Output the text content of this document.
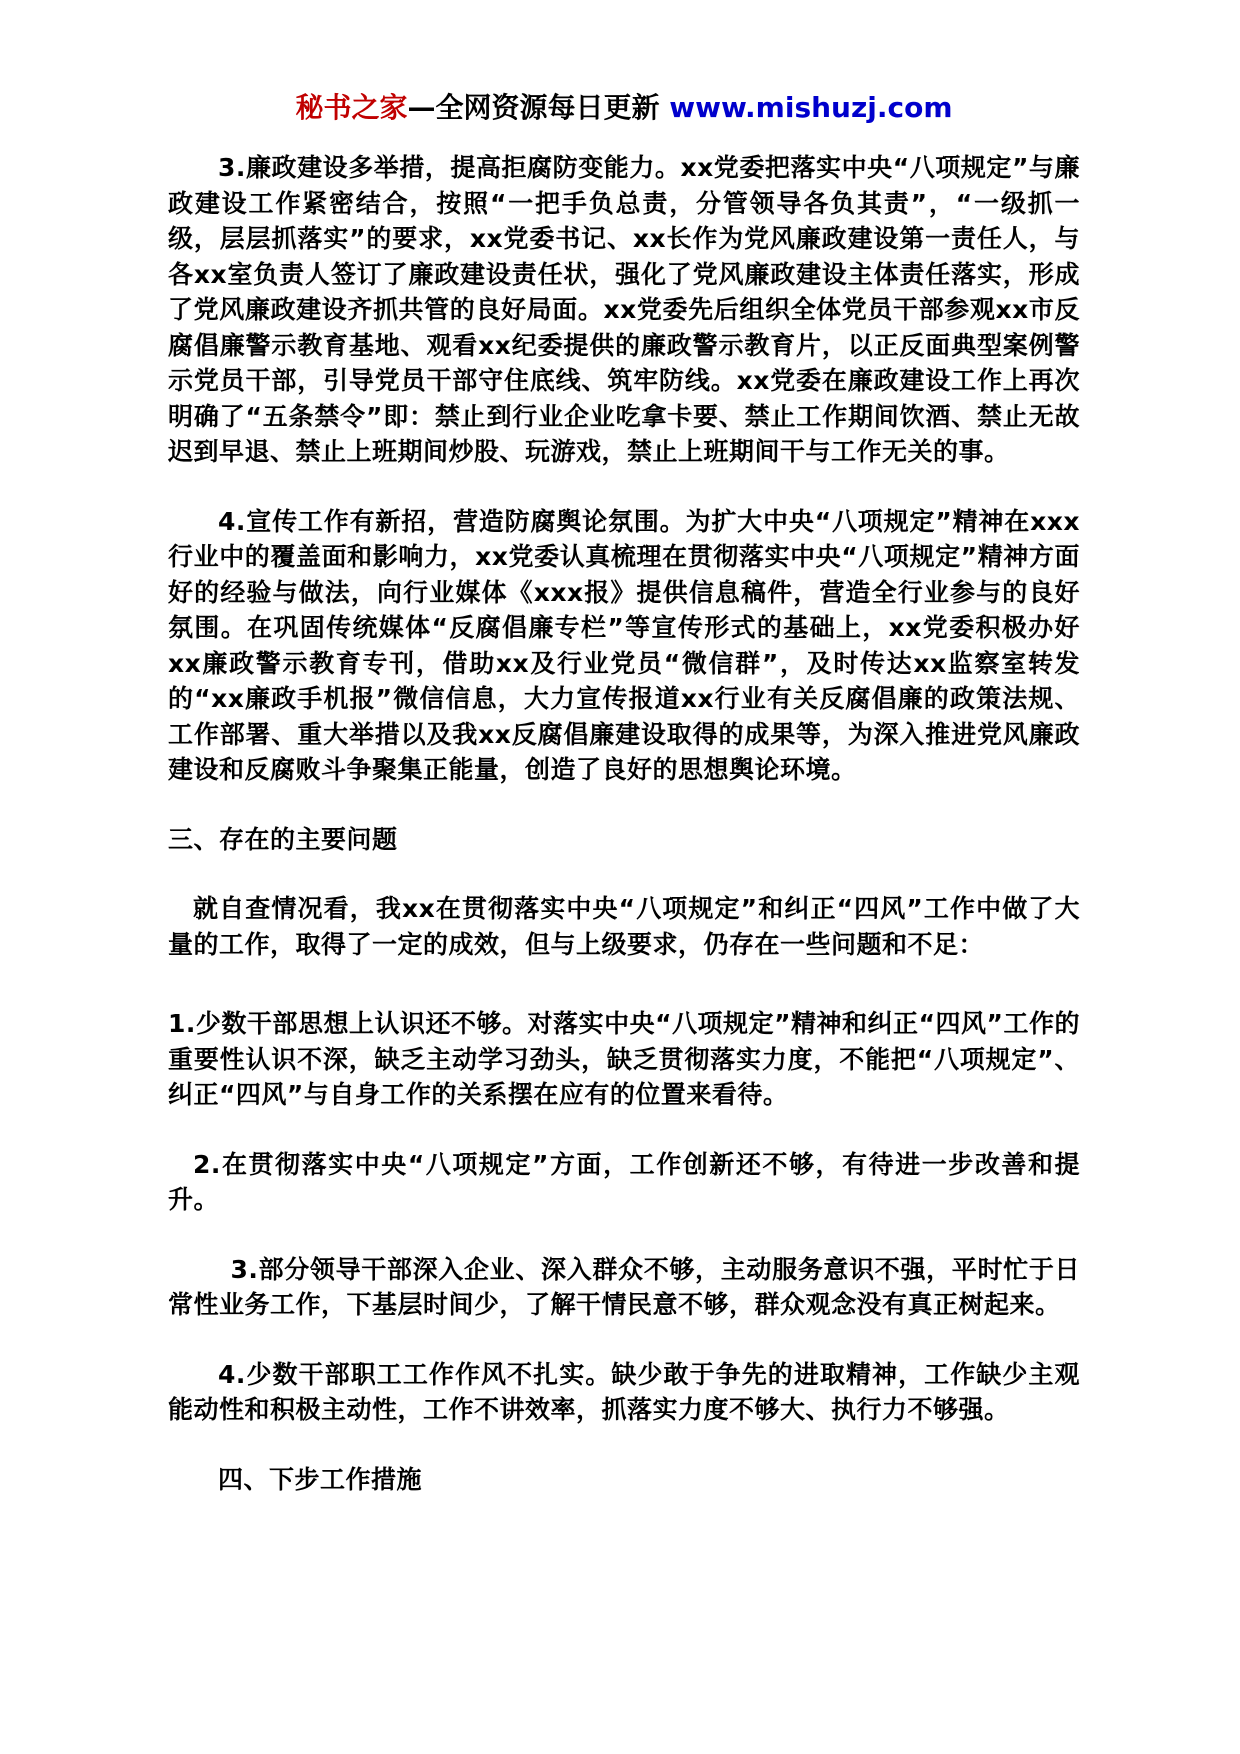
秘书之家—全网资源每日更新 www.mishuzj.com

3.廉政建设多举措，提高拒腐防变能力。xx党委把落实中央“八项规定”与廉政建设工作紧密结合，按照“一把手负总责，分管领导各负其责”，“一级抓一级，层层抓落实”的要求，xx党委书记、xx长作为党风廉政建设第一责任人，与各xx室负责人签订了廉政建设责任状，强化了党风廉政建设主体责任落实，形成了党风廉政建设齐抓共管的良好局面。xx党委先后组织全体党员干部参观xx市反腐倡廉警示教育基地、观看xx纪委提供的廉政警示教育片，以正反面典型案例警示党员干部，引导党员干部守住底线、筑牢防线。xx党委在廉政建设工作上再次明确了“五条禁令”即：禁止到行业企业吃拿卡要、禁止工作期间饮酒、禁止无故迟到早退、禁止上班期间炒股、玩游戏，禁止上班期间干与工作无关的事。

4.宣传工作有新招，营造防腐舆论氛围。为扩大中央“八项规定”精神在xxx行业中的覆盖面和影响力，xx党委认真梳理在贯彻落实中央“八项规定”精神方面好的经验与做法，向行业媒体《xxx报》提供信息稿件，营造全行业参与的良好氛围。在巩固传统媒体“反腐倡廉专栏”等宣传形式的基础上，xx党委积极办好xx廉政警示教育专刊，借助xx及行业党员“微信群”，及时传达xx监察室转发的“xx廉政手机报”微信信息，大力宣传报道xx行业有关反腐倡廉的政策法规、工作部署、重大举措以及我xx反腐倡廉建设取得的成果等，为深入推进党风廉政建设和反腐败斗争聚集正能量，创造了良好的思想舆论环境。

三、存在的主要问题

就自查情况看，我xx在贯彻落实中央“八项规定”和纠正“四风”工作中做了大量的工作，取得了一定的成效，但与上级要求，仍存在一些问题和不足：

1.少数干部思想上认识还不够。对落实中央“八项规定”精神和纠正“四风”工作的重要性认识不深，缺乏主动学习劲头，缺乏贯彻落实力度，不能把“八项规定”、纠正“四风”与自身工作的关系摆在应有的位置来看待。

2.在贯彻落实中央“八项规定”方面，工作创新还不够，有待进一步改善和提升。

3.部分领导干部深入企业、深入群众不够，主动服务意识不强，平时忙于日常性业务工作，下基层时间少，了解干情民意不够，群众观念没有真正树起来。

4.少数干部职工工作作风不扎实。缺少敢于争先的进取精神，工作缺少主观能动性和积极主动性，工作不讲效率，抓落实力度不够大、执行力不够强。

四、下步工作措施
